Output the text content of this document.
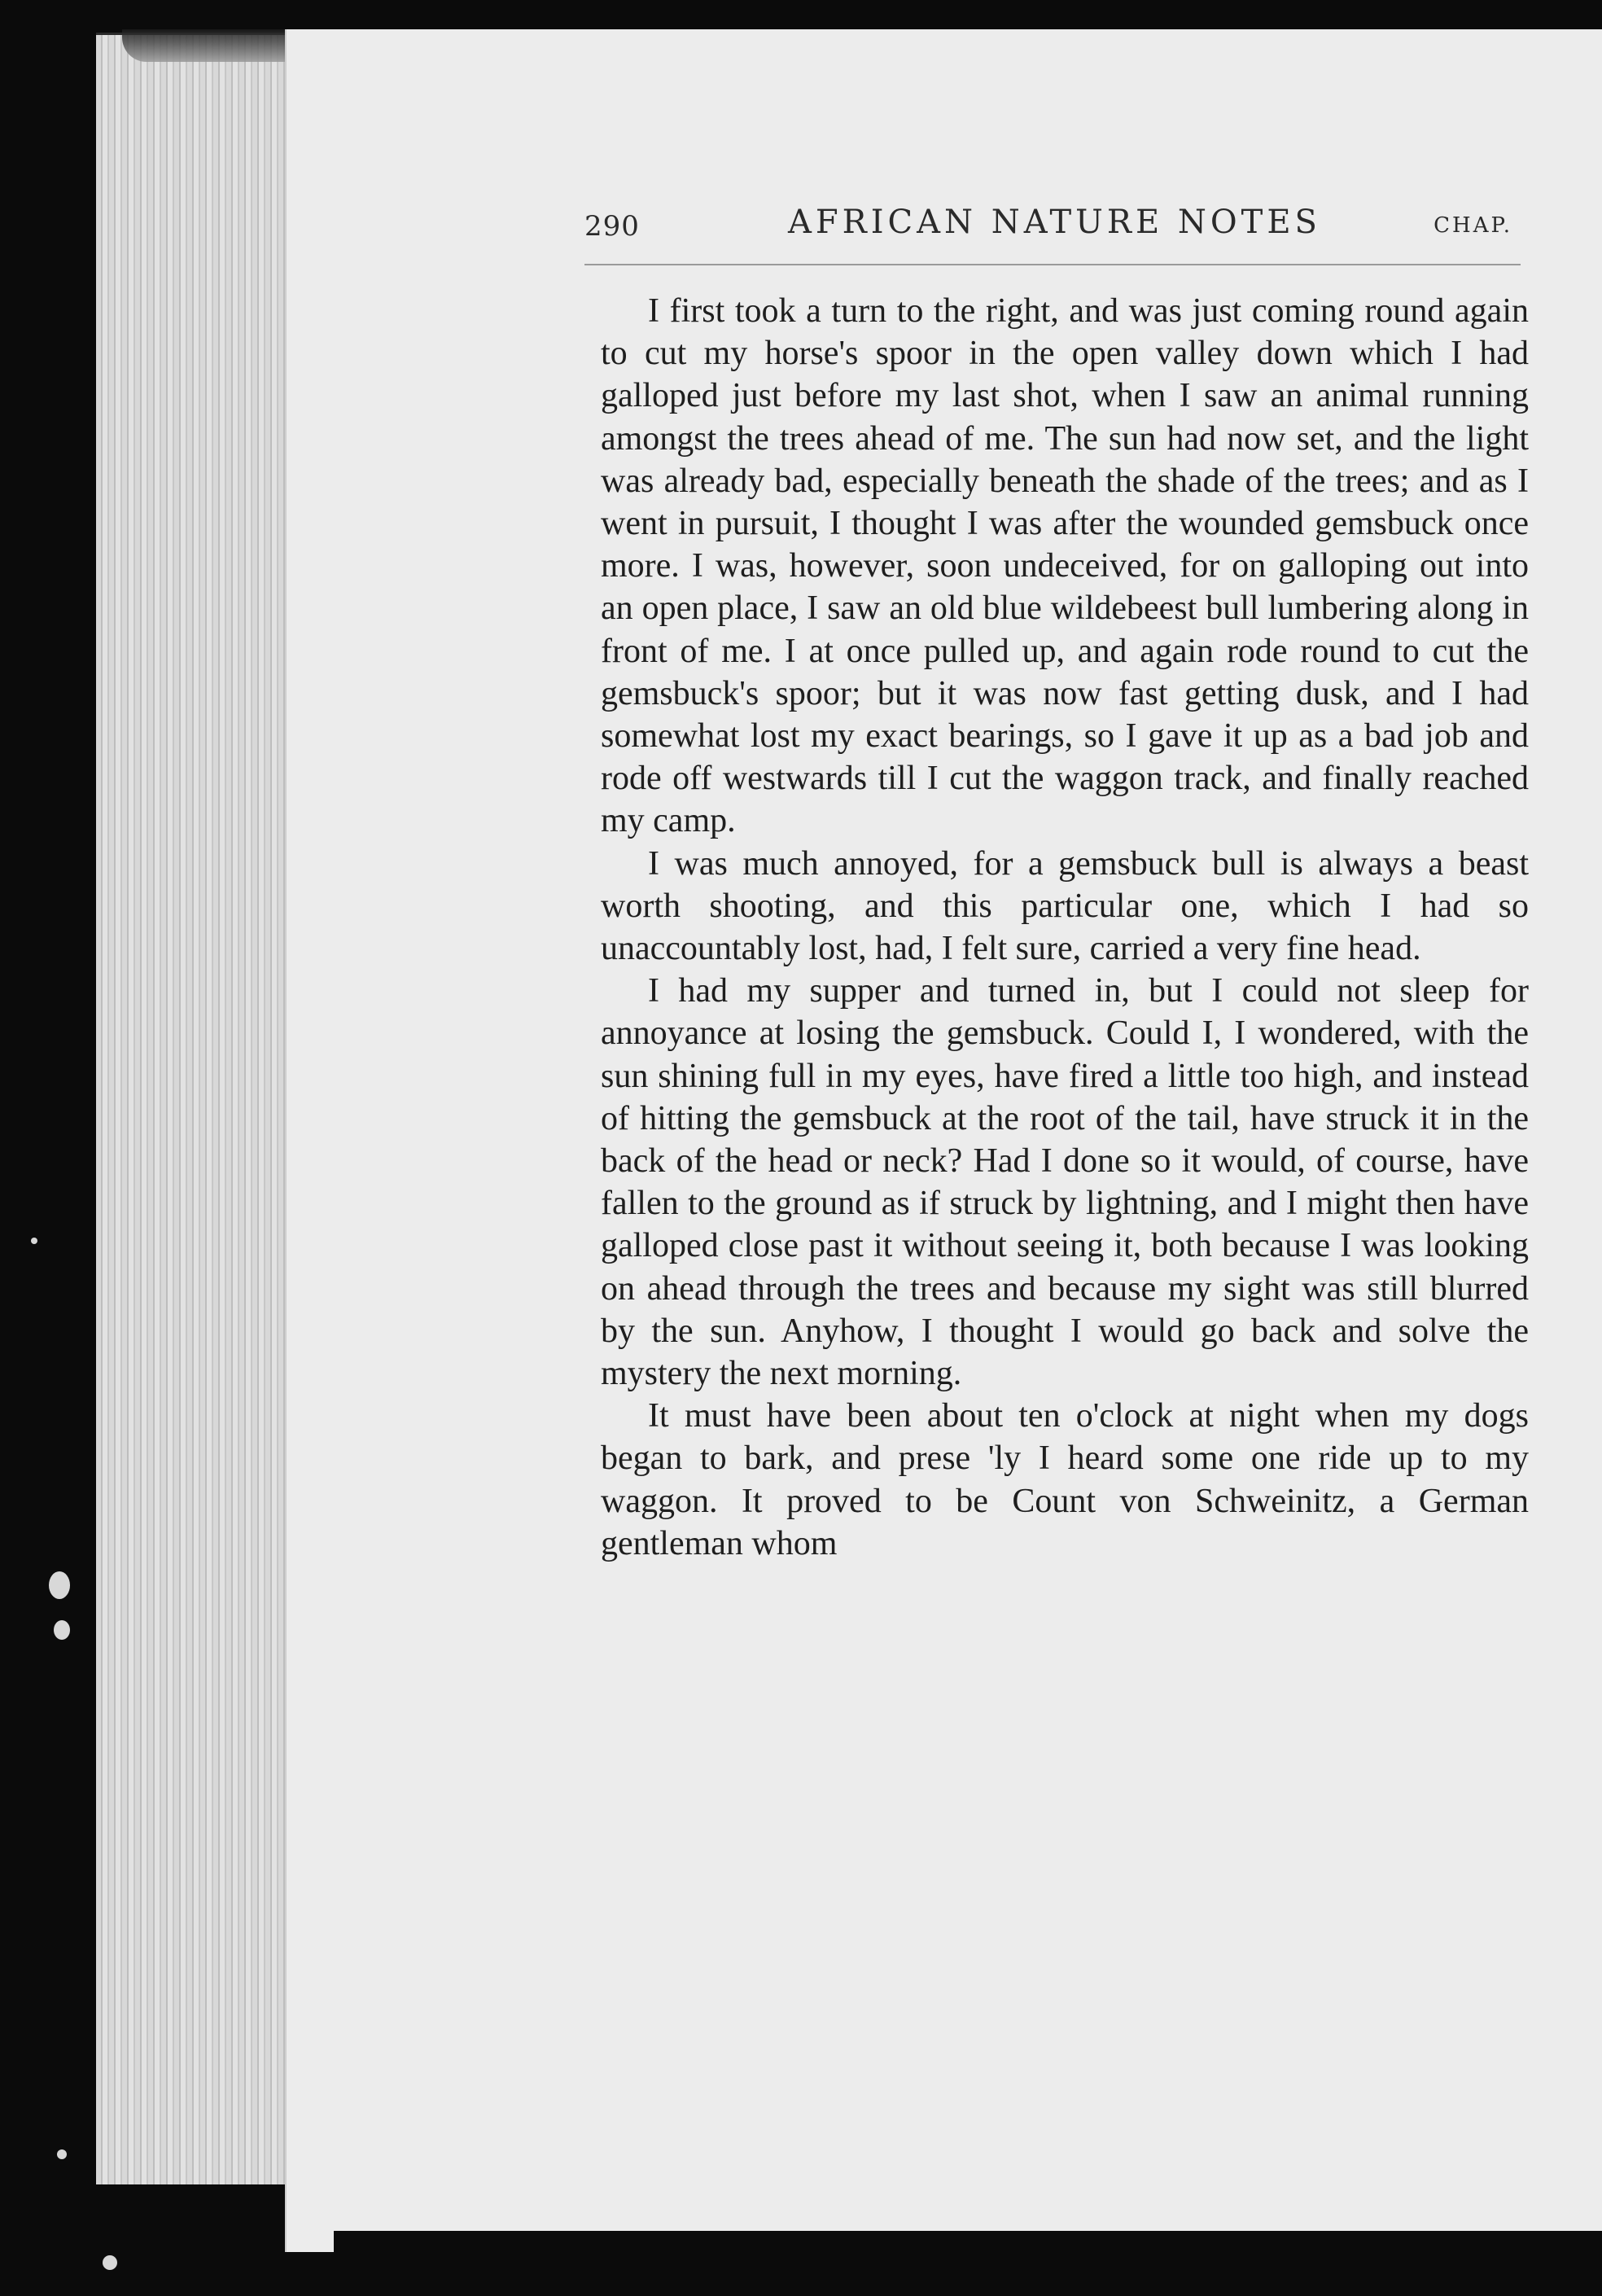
290	AFRICAN NATURE NOTES	CHAP.

I first took a turn to the right, and was just coming round again to cut my horse's spoor in the open valley down which I had galloped just before my last shot, when I saw an animal running amongst the trees ahead of me. The sun had now set, and the light was already bad, especially beneath the shade of the trees; and as I went in pursuit, I thought I was after the wounded gemsbuck once more. I was, however, soon undeceived, for on galloping out into an open place, I saw an old blue wildebeest bull lumbering along in front of me. I at once pulled up, and again rode round to cut the gemsbuck's spoor; but it was now fast getting dusk, and I had somewhat lost my exact bearings, so I gave it up as a bad job and rode off westwards till I cut the waggon track, and finally reached my camp.

I was much annoyed, for a gemsbuck bull is always a beast worth shooting, and this particular one, which I had so unaccountably lost, had, I felt sure, carried a very fine head.

I had my supper and turned in, but I could not sleep for annoyance at losing the gemsbuck. Could I, I wondered, with the sun shining full in my eyes, have fired a little too high, and instead of hitting the gemsbuck at the root of the tail, have struck it in the back of the head or neck? Had I done so it would, of course, have fallen to the ground as if struck by lightning, and I might then have galloped close past it without seeing it, both because I was looking on ahead through the trees and because my sight was still blurred by the sun. Anyhow, I thought I would go back and solve the mystery the next morning.

It must have been about ten o'clock at night when my dogs began to bark, and prese 'ly I heard some one ride up to my waggon. It proved to be Count von Schweinitz, a German gentleman whom
